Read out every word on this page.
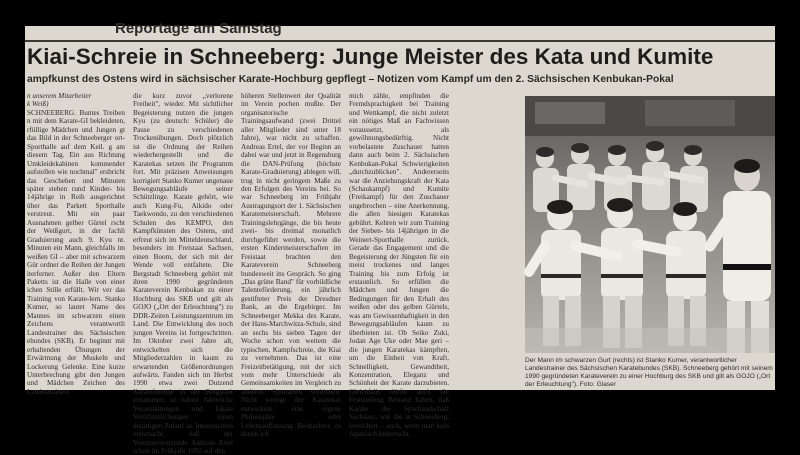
Reportage am Samstag
Kiai-Schreie in Schneeberg: Junge Meister des Kata und Kumite
ampfkunst des Ostens wird in sächsischer Karate-Hochburg gepflegt – Notizen vom Kampf um den 2. Sächsischen Kenbukan-Pokal

n unserem Mitarbeiter
k Weiß)

SCHNEEBERG. Buntes Treiben n mit dem Karate-GI bekleideten, rfüllige Mädchen und Jungen gt das Bild in der Schneeberger ort-Sporthalle auf dem Keil. g am diesem Tag. Ein aus Richtung Umkleidekabinen kommender aufstellen wie nochmal" ersbricht das Geschehen und Minuten später stehen rund Kinder- bis 14jährige in Reih ausgerichtet über das Parkett Sporthalle verstreut. Mit ein paar Ausnahmen gelber Gürtel rscht der Weißgurt, in der fachli Graduierung auch 9. Kyu nt. Minuten ein Mann, gleichfalls im weißen GI – aber mit schwarzem Gür ordnet die Reihen der Jungen iterferner. Außer den Eltern Paketts ist die Halle von einer ichen Stille erfüllt. Wir ver das Training von Karate-lern. Stanko Kumer, so lautet Name des Mannes im schwarzen einen Zeichens verantwortli Landestrainer des Sächsischen ebundes (SKB). Er beginnt mit erbaltenden Übungen der Erwärmung der Muskeln und Lockerung Gelenke. Eine kurze Unterbrechung gibt den Jungen und Mädchen Zeichen des Landestrainers

die kurz zuvor „verlorene Freiheit", wieder. Mit sichtlicher Begeisterung nutzen die jungen Kyu (zu deutsch: Schüler) die Pause zu verschiedenen Trockenübungen. Doch plötzlich ist die Ordnung der Reihen wiederhergestellt und die Karatekas setzen ihr Programm fort. Mit präzisen Anweisungen korrigiert Stanko Kumer ungenaue Bewegungsabläufe seiner Schützlinge. Karate gehört, wie auch Kung-Fu, Aikido oder Taekwondo, zu den verschiedenen Schulen des KEMPO, den Kampfkünsten des Ostens, und erfreut sich im Mitteldeutschland, besonders im Freistaat Sachsen, einen Boom, der sich mit der Wende voll entfaltete. Die Bergstadt Schneeberg gehört mit ihren 1990 gegründeten Karateverein Kenbukan zu einer Hochburg des SKB und gilt als GOJO („Ort der Erleuchtung") zu DDR-Zeiten Leistungszentrum im Land. Die Entwicklung des noch jungen Vereins ist fortgeschritten. Im Oktober zwei Jahre alt, entwickelten sich die Mitgliederzahlen in kaum zu erwartenden Größenordnungen aufwärts. Fanden sich im Herbst 1990 etwa zwei Dutzend Karatefreunde in der Bergstadt zusammen, so hatten zahlreiche Veranstaltungen und lokale Veröffentlichungen einen derartigen Zulauf an Interessenten verursacht, daß der Vereinsvorsitzende Andreas Ertel schon im Frühjahr 1992 auf den

höheren Stellenwert der Qualität im Verein pochen mußte. Der organisatorische Trainingsaufwand (zwei Drittel aller Mitglieder sind unter 18 Jahre), war nicht zu schaffen. Andreas Ertel, der vor Beginn an dabei war und jetzt in Regensburg die DAN-Prüfung (höchste Karate-Graduierung) ablegen will, trug in nicht geringem Maße zu den Erfolgen des Vereins bei. So war Schneeberg im Frühjahr Austragungsort der 1. Sächsischen Karatemeisterschaft. Mehrere Trainingslehrgänge, die bis heute zwei- bis dreimal monatlich durchgeführt werden, sowie die ersten Kindermeisterschaften im Freistaat brachten den Karateverein Schneeberg bundesweit ins Gespräch. So ging „Das grüne Band" für vorbildliche Talenteförderung, ein jährlich gestifteter Preis der Dresdner Bank, an die Ergebirger. Im Schneeberger Mekka des Karate, der Hans-Marchwitza-Schule, sind an sechs bis sieben Tagen der Woche schon von weitem die typischen, Kampfschreie, die Kiai zu vernehmen. Das ist eine Freizeitbetätigung, mit der sich vom mehr Unterschiede als Gemeinsamkeiten im Vergleich zu anderen Sportarten verbinden. Nicht wenige der Karatekas entwickeln eine eigene Philosophie oder Lebensauffassung. Beobachter, zu denen ich

mich zähle, empfinden die Fremdsprachigkeit bei Training und Wettkampf, die nicht zuletzt ein nötiges Maß an Fachwissen voraussetzt, als gewöhnungsbedürftig. Nicht vorbelastete Zuschauer hatten dann auch beim 2. Sächsischen Kenbukan-Pokal Schwierigkeiten „durchzublicken". Andererseits war die Anziehungskraft der Kata (Schaukampf) und Kumite (Freikampf) für den Zuschauer ungebrochen – eine Anerkennung, die allen hiesigen Karatekas gebührt. Kehren wir zum Training der Sieben- bis 14jährigen in die Weinert-Sporthalle zurück. Gerade das Engagement und die Begeisterung der Jüngsten für ein meist trockenes und langes Training bis zum Erfolg ist erstaunlich. So erfüllen die Mädchen und Jungen die Bedingungen für den Erhalt des weißen oder des gelben Gürtels, was am Gewissenhaftigkeit in den Bewegungsabläufen kaum zu überbieten ist. Ob Seiko Zuki, Jodan Age Uke oder Mae geri – die jungen Karatekas kämpften, um die Einheit von Kraft, Schnelligkeit, Gewandtheit, Konzentration, Eleganz und Schönheit der Karate darzubieten. Gleichfalls dürfte auch die Feststellung Bestand haben, daß Karate die Sportlandschaft Sachsens, wie die in Schneeberg, bereichert – auch, wenn man kein Japanisch beherrscht.

Der Mann im schwarzen Gurt (rechts) ist Stanko Kumer, verantwortlicher Landestrainer des Sächsischen Karatebundes (SKB). Schneeberg gehört mit seinem 1990 gegründeten Karateverein zu einer Hochburg des SKB und gilt als GOJO („Ort der Erleuchtung"). Foto: Glaser
